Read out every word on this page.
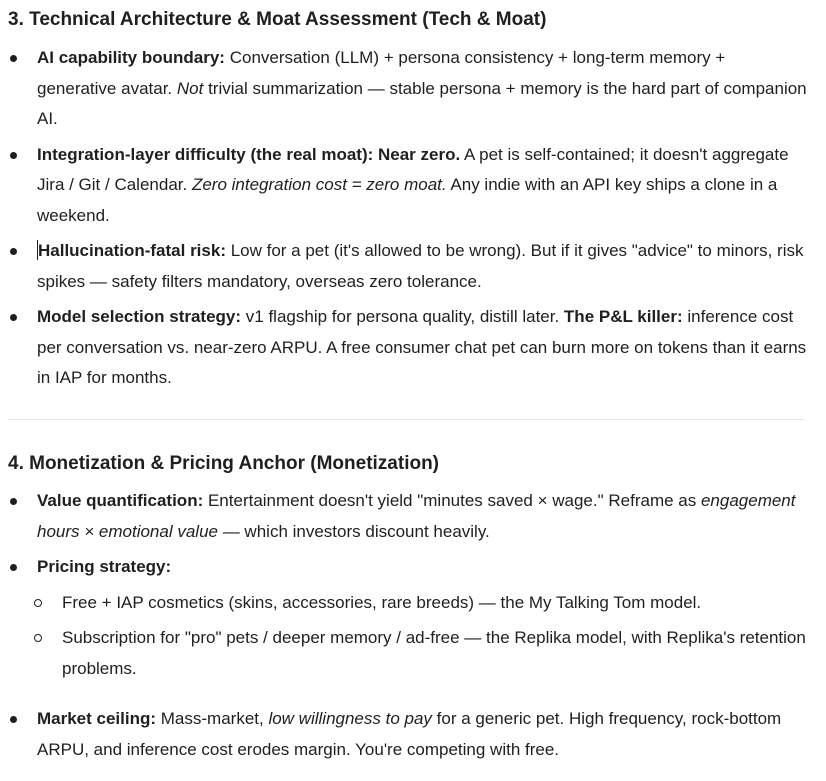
3. Technical Architecture & Moat Assessment (Tech & Moat)
AI capability boundary: Conversation (LLM) + persona consistency + long-term memory + generative avatar. Not trivial summarization — stable persona + memory is the hard part of companion AI.
Integration-layer difficulty (the real moat): Near zero. A pet is self-contained; it doesn't aggregate Jira / Git / Calendar. Zero integration cost = zero moat. Any indie with an API key ships a clone in a weekend.
Hallucination-fatal risk: Low for a pet (it's allowed to be wrong). But if it gives "advice" to minors, risk spikes — safety filters mandatory, overseas zero tolerance.
Model selection strategy: v1 flagship for persona quality, distill later. The P&L killer: inference cost per conversation vs. near-zero ARPU. A free consumer chat pet can burn more on tokens than it earns in IAP for months.
4. Monetization & Pricing Anchor (Monetization)
Value quantification: Entertainment doesn't yield "minutes saved × wage." Reframe as engagement hours × emotional value — which investors discount heavily.
Pricing strategy:
Free + IAP cosmetics (skins, accessories, rare breeds) — the My Talking Tom model.
Subscription for "pro" pets / deeper memory / ad-free — the Replika model, with Replika's retention problems.
Market ceiling: Mass-market, low willingness to pay for a generic pet. High frequency, rock-bottom ARPU, and inference cost erodes margin. You're competing with free.
